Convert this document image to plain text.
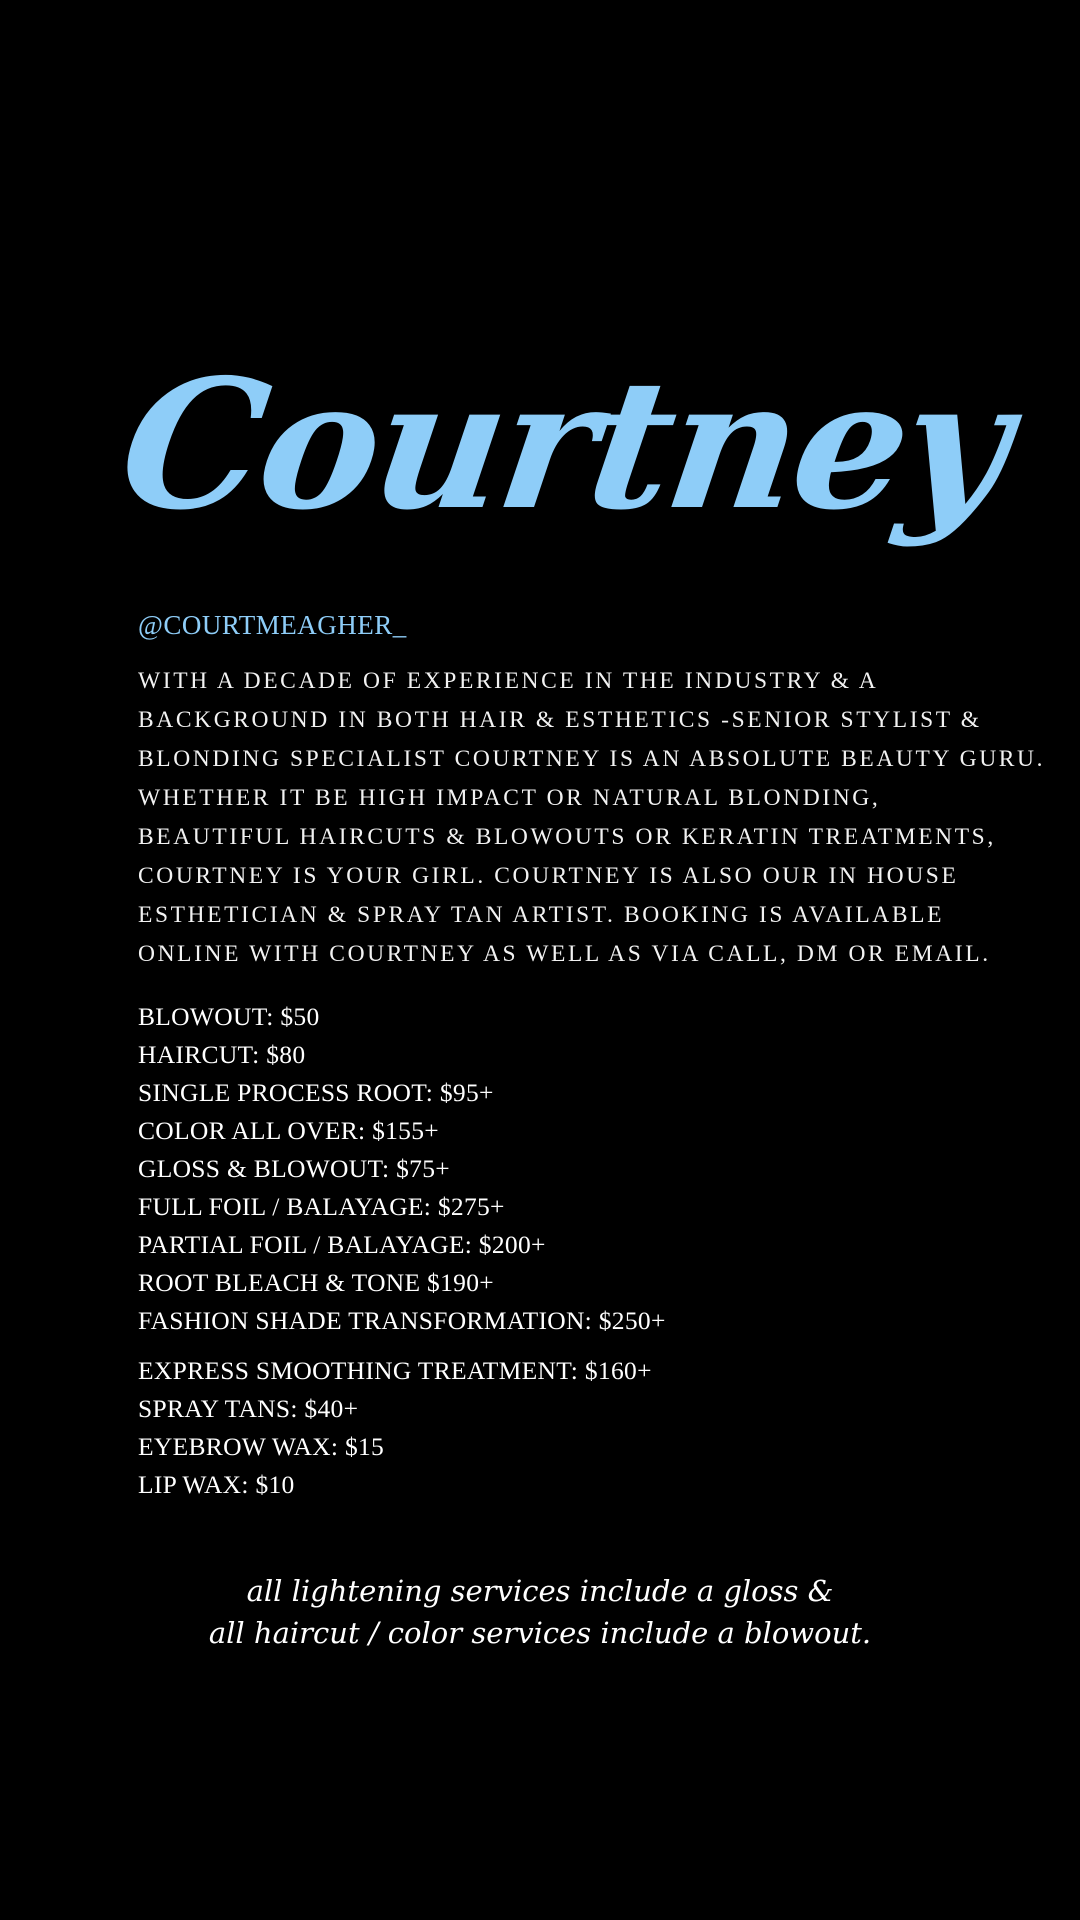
Courtney
@COURTMEAGHER_
WITH A DECADE OF EXPERIENCE IN THE INDUSTRY & A
BACKGROUND IN BOTH HAIR & ESTHETICS -SENIOR STYLIST &
BLONDING SPECIALIST COURTNEY IS AN ABSOLUTE BEAUTY GURU.
WHETHER IT BE HIGH IMPACT OR NATURAL BLONDING,
BEAUTIFUL HAIRCUTS & BLOWOUTS OR KERATIN TREATMENTS,
COURTNEY IS YOUR GIRL. COURTNEY IS ALSO OUR IN HOUSE
ESTHETICIAN & SPRAY TAN ARTIST. BOOKING IS AVAILABLE
ONLINE WITH COURTNEY AS WELL AS VIA CALL, DM OR EMAIL.
BLOWOUT: $50
HAIRCUT: $80
SINGLE PROCESS ROOT: $95+
COLOR ALL OVER: $155+
GLOSS & BLOWOUT: $75+
FULL FOIL / BALAYAGE: $275+
PARTIAL FOIL / BALAYAGE: $200+
ROOT BLEACH & TONE $190+
FASHION SHADE TRANSFORMATION: $250+
EXPRESS SMOOTHING TREATMENT: $160+
SPRAY TANS: $40+
EYEBROW WAX: $15
LIP WAX: $10
all lightening services include a gloss &
all haircut / color services include a blowout.
